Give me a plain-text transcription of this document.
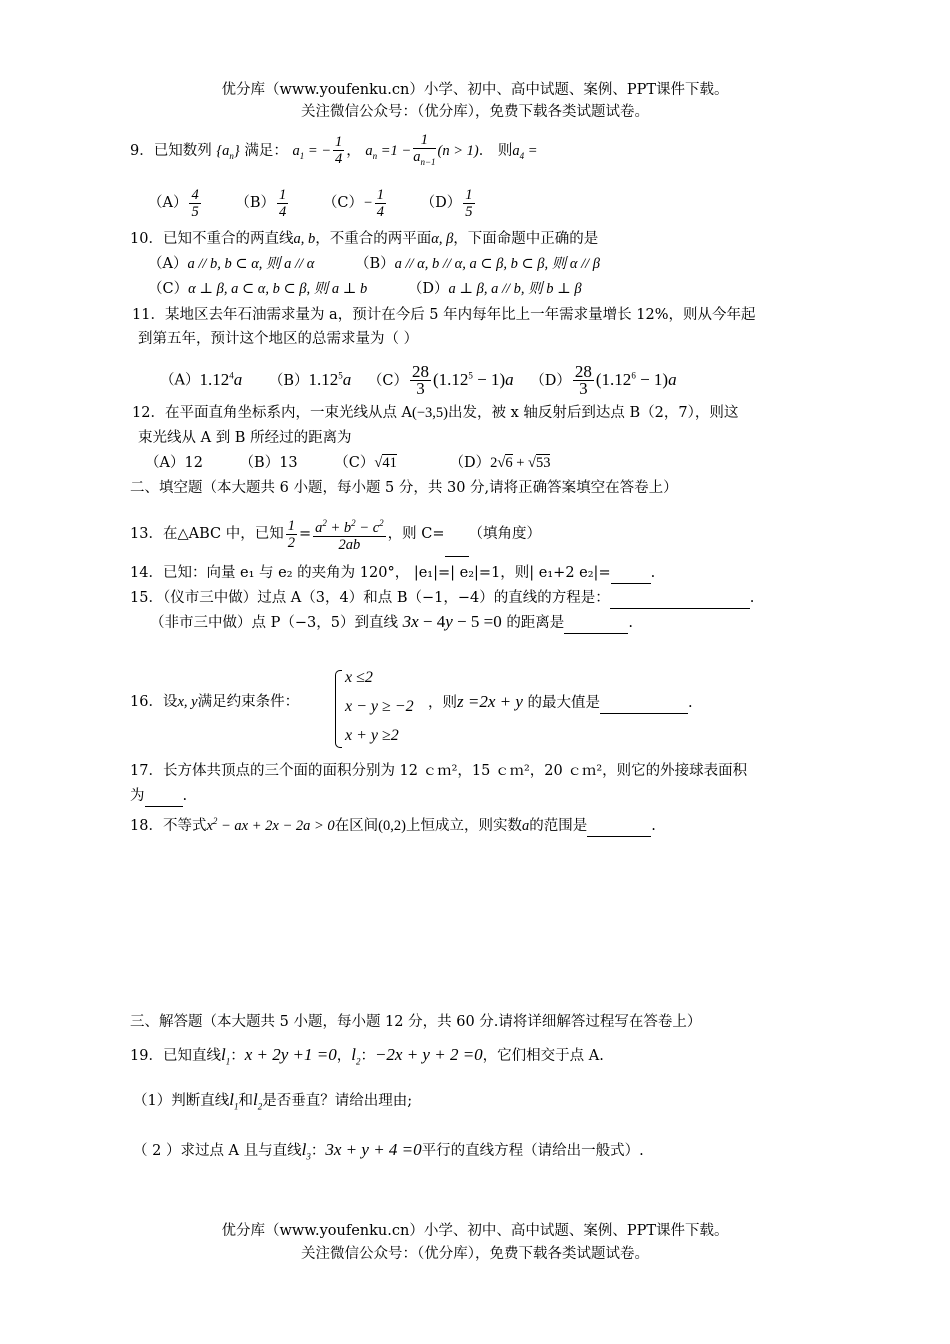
优分库（www.youfenku.cn）小学、初中、高中试题、案例、PPT课件下载。
关注微信公众号：（优分库），免费下载各类试题试卷。
9．已知数列 $\{a_n\}$ 满足： $a_1$ = − $\frac{1}{4}$ ， $a_n =1 - \frac{1}{a_{n-1}} (n > 1)$． 则$a_4$ =
$(A) \frac{4}{5} (B) \frac{1}{4} (C)- \frac{1}{4} (D) \frac{1}{5}$
10．已知不重合的两直线a, b，不重合的两平面α, β，下面命题中正确的是
（A）a // b, b ⊂ α, 则 a // α	（B）a // α, b // α, a ⊂ β, b ⊂ β, 则 α // β
（C）α ⊥ β, a ⊂ α, b ⊂ β, 则 a ⊥ b	（D）a ⊥ β, a // b, 则 b ⊥ β
11．某地区去年石油需求量为 a，预计在今后 5 年内每年比上一年需求量增长 12%，则从今年起
到第五年，预计这个地区的总需求量为（ ）
（A）1.12$^4$a （B）1.12$^5$a $(C) \frac{28}{3} (1.12^5 - 1)a$ $(D) \frac{28}{3} (1.12^6 - 1)a$
12．在平面直角坐标系内，一束光线从点 A(−3,5)出发，被 x 轴反射后到达点 B（2，7），则这
束光线从 A 到 B 所经过的距离为
（A）12	（B）13	（C）√41	（D）2√6 + √53
二、填空题（本大题共 6 小题，每小题 5 分，共 30 分,请将正确答案填空在答卷上）
13．在△ABC 中，已知 $\frac{1}{2} = \frac{a^2 + b^2 - c^2}{2ab}$ ，则 C= （填角度）
14．已知：向量 e₁ 与 e₂ 的夹角为 120°， |e₁|=| e₂|=1，则| e₁+2 e₂|=	.
15．（仪市三中做）过点 A（3，4）和点 B（−1，−4）的直线的方程是：	.
（非市三中做）点 P（−3，5）到直线 3x − 4y − 5 =0 的距离是	.
16．设x, y满足约束条件：
x ≤2
x − y ≥ −2
x + y ≥2
，则z =2x + y 的最大值是	.
17．长方体共顶点的三个面的面积分别为 12 ｃｍ²，15 ｃｍ²，20 ｃｍ²，则它的外接球表面积
为	.
18．不等式$x^2$ − ax + 2x − 2a > 0在区间(0,2)上恒成立，则实数a的范围是	.
三、解答题（本大题共 5 小题，每小题 12 分，共 60 分.请将详细解答过程写在答卷上）
19．已知直线$l_1$：x + 2y +1 =0，$l_2$：−2x + y + 2 =0，它们相交于点 A.
（1）判断直线$l_1$和$l_2$是否垂直？请给出理由;
（ 2 ）求过点 A 且与直线$l_3$：3x + y + 4 =0平行的直线方程（请给出一般式）.
优分库（www.youfenku.cn）小学、初中、高中试题、案例、PPT课件下载。
关注微信公众号：（优分库），免费下载各类试题试卷。
